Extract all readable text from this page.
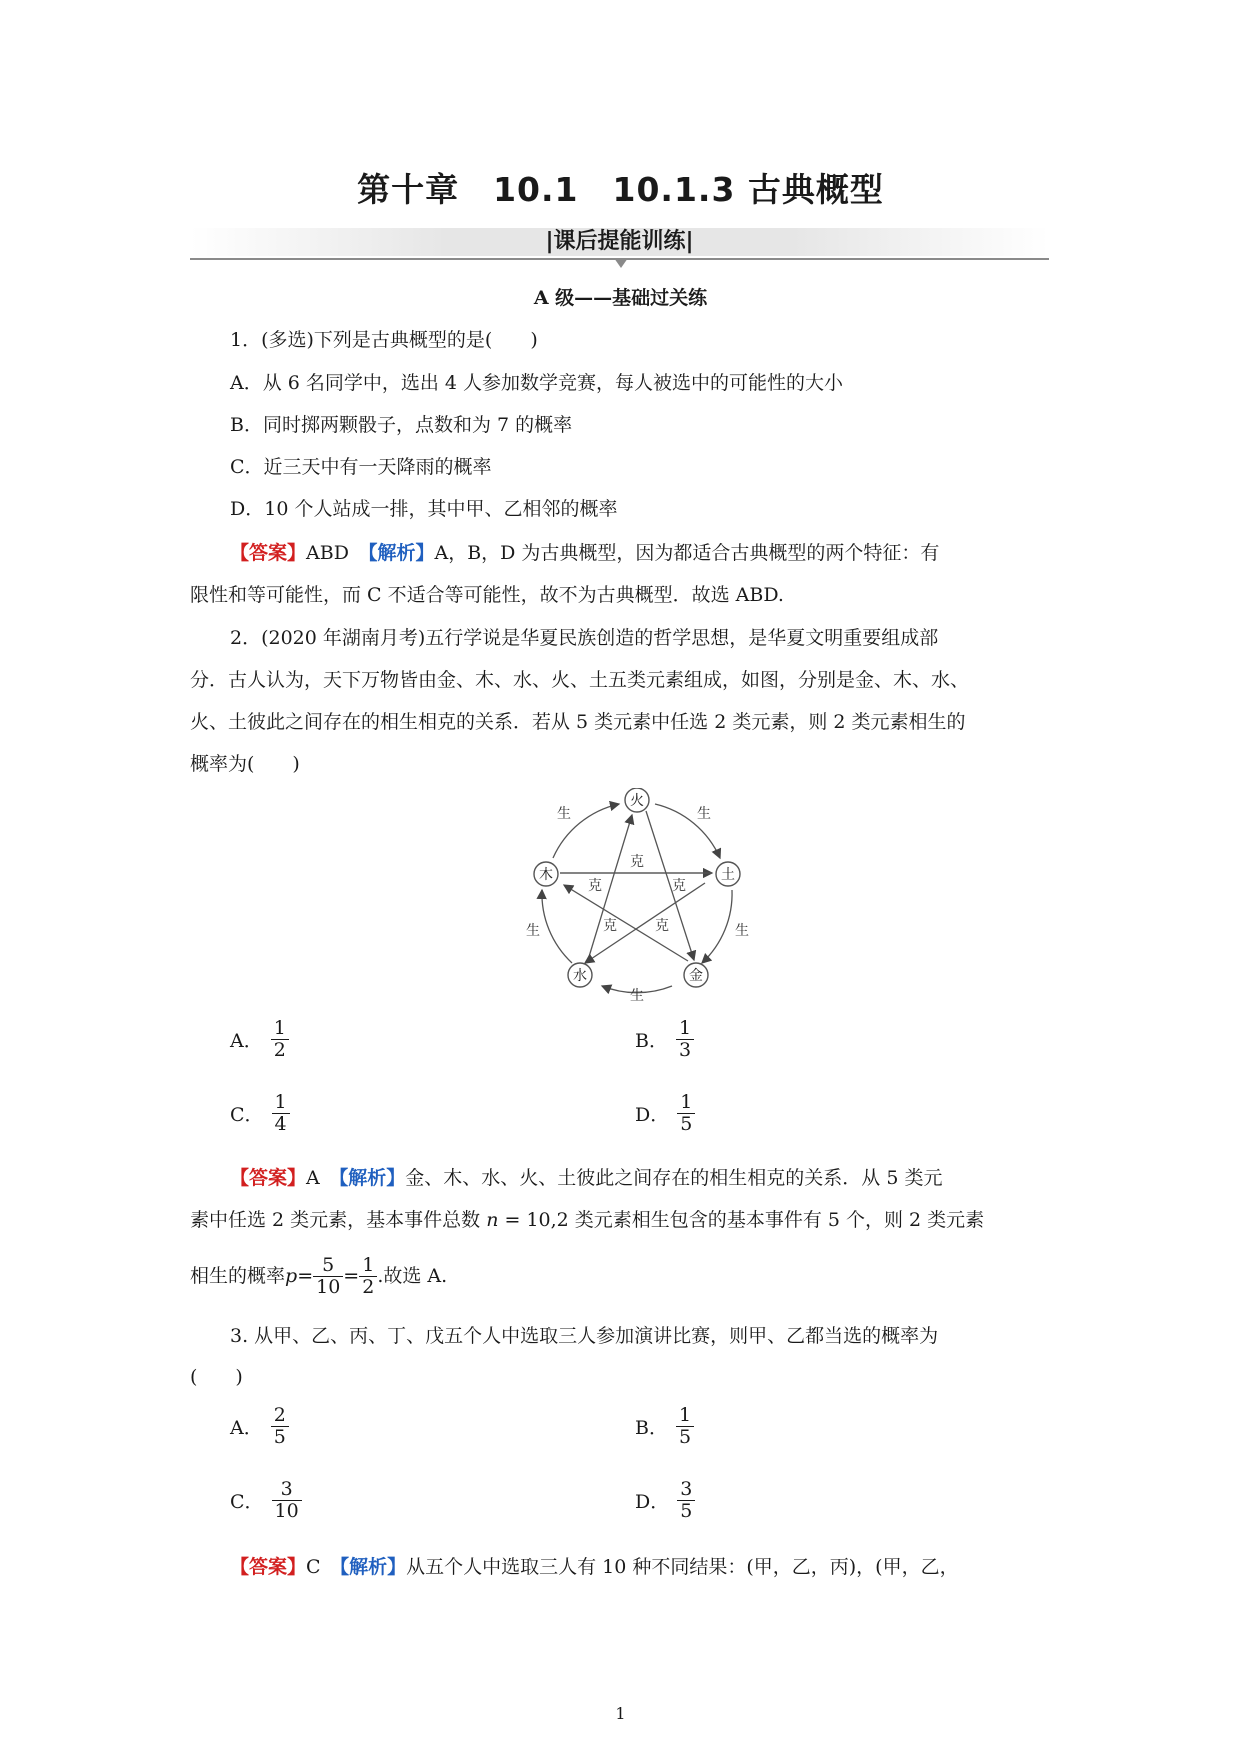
第十章　10.1　10.1.3 古典概型
|课后提能训练|
A 级——基础过关练
1．(多选)下列是古典概型的是(　　)
A．从 6 名同学中，选出 4 人参加数学竞赛，每人被选中的可能性的大小
B．同时掷两颗骰子，点数和为 7 的概率
C．近三天中有一天降雨的概率
D．10 个人站成一排，其中甲、乙相邻的概率
【答案】ABD　 【解析】A，B，D 为古典概型，因为都适合古典概型的两个特征：有
限性和等可能性，而 C 不适合等可能性，故不为古典概型．故选 ABD.
2．(2020 年湖南月考)五行学说是华夏民族创造的哲学思想，是华夏文明重要组成部
分．古人认为，天下万物皆由金、木、水、火、土五类元素组成，如图，分别是金、木、水、
火、土彼此之间存在的相生相克的关系．若从 5 类元素中任选 2 类元素，则 2 类元素相生的
概率为(　　)
火
土
金
水
木
生	生
生
生
生
克
克	克
克	克
A． $\frac{1}{2}$	B． $\frac{1}{3}$
C． $\frac{1}{4}$	D． $\frac{1}{5}$
【答案】A　 【解析】金、木、水、火、土彼此之间存在的相生相克的关系．从 5 类元
素中任选 2 类元素，基本事件总数 n = 10,2 类元素相生包含的基本事件有 5 个，则 2 类元素
相生的概率 $p = \frac{5}{10} = \frac{1}{2}$ .故选 A.
3. 从甲、乙、丙、丁、戊五个人中选取三人参加演讲比赛，则甲、乙都当选的概率为
(　　)
A． $\frac{2}{5}$	B． $\frac{1}{5}$
C． $\frac{3}{10}$	D． $\frac{3}{5}$
【答案】C　 【解析】从五个人中选取三人有 10 种不同结果：(甲，乙，丙)，(甲，乙，
1
